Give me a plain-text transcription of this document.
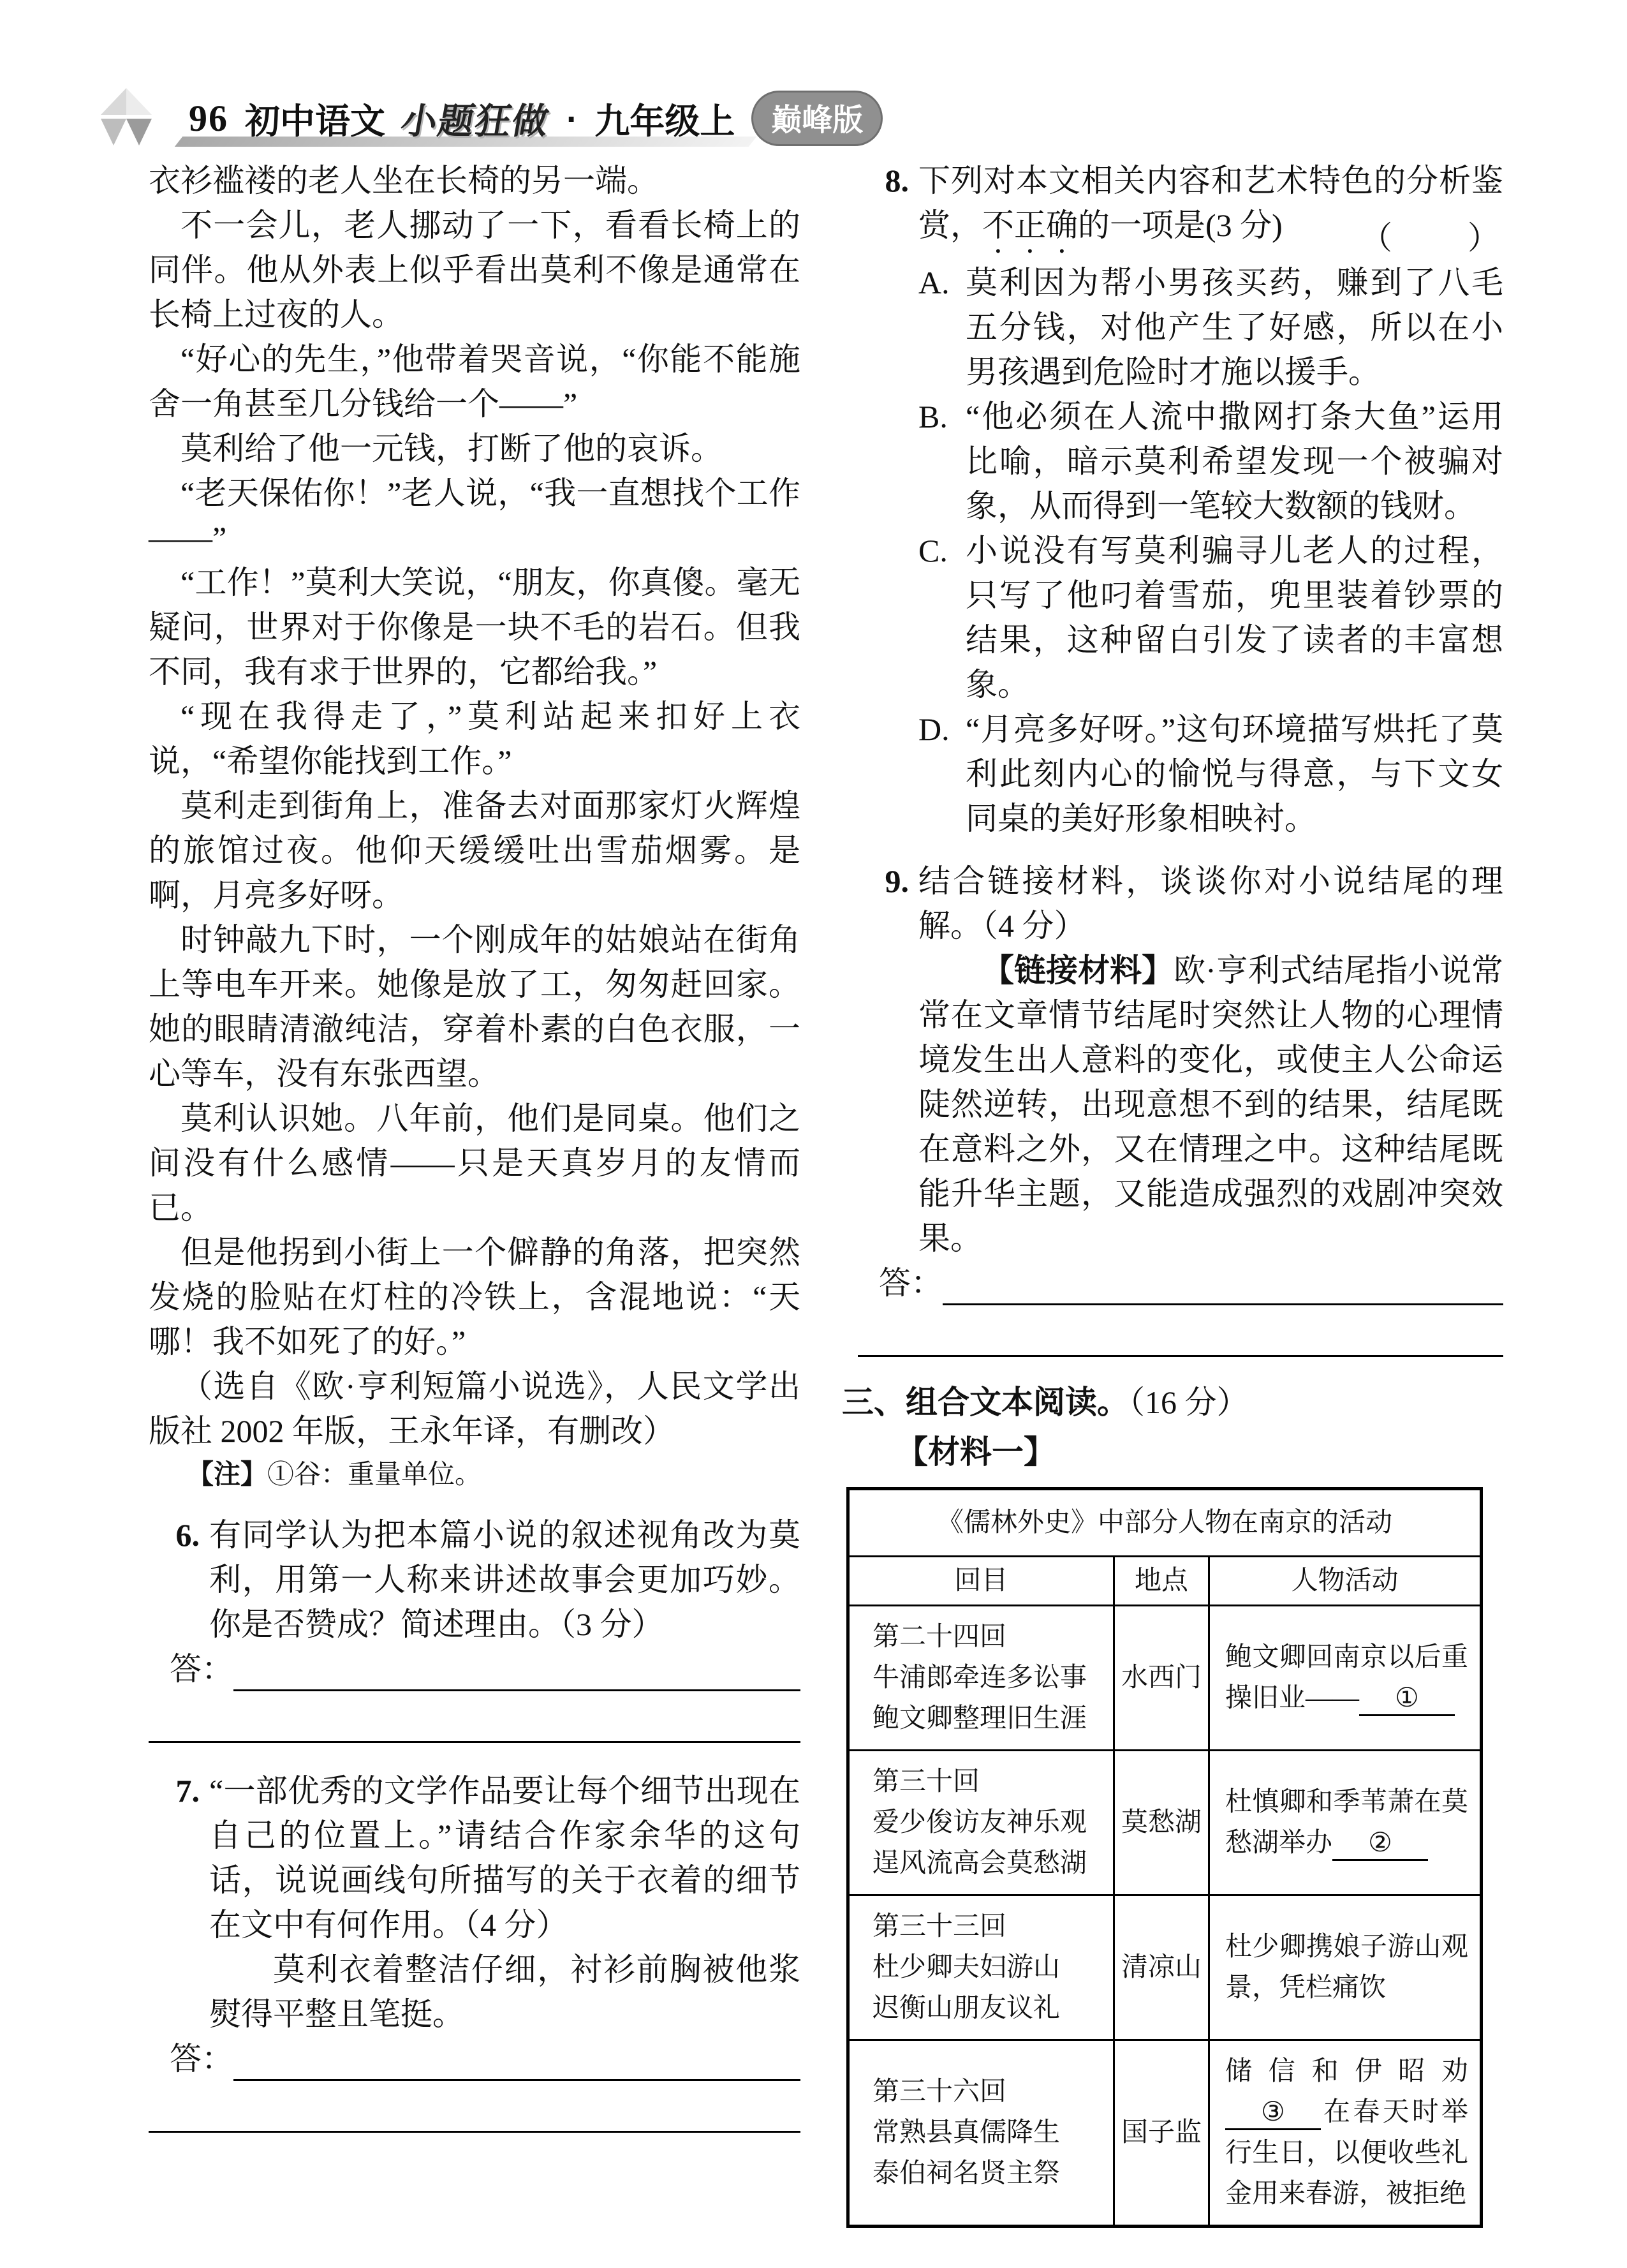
96 初中语文 小题狂做 · 九年级上	巅峰版

衣衫褴褛的老人坐在长椅的另一端。

不一会儿，老人挪动了一下，看看长椅上的同伴。他从外表上似乎看出莫利不像是通常在长椅上过夜的人。

“好心的先生，”他带着哭音说，“你能不能施舍一角甚至几分钱给一个——”

莫利给了他一元钱，打断了他的哀诉。

“老天保佑你！”老人说，“我一直想找个工作——”

“工作！”莫利大笑说，“朋友，你真傻。毫无疑问，世界对于你像是一块不毛的岩石。但我不同，我有求于世界的，它都给我。”

“现在我得走了，”莫利站起来扣好上衣说，“希望你能找到工作。”

莫利走到街角上，准备去对面那家灯火辉煌的旅馆过夜。他仰天缓缓吐出雪茄烟雾。是啊，月亮多好呀。

时钟敲九下时，一个刚成年的姑娘站在街角上等电车开来。她像是放了工，匆匆赶回家。她的眼睛清澈纯洁，穿着朴素的白色衣服，一心等车，没有东张西望。

莫利认识她。八年前，他们是同桌。他们之间没有什么感情——只是天真岁月的友情而已。

但是他拐到小街上一个僻静的角落，把突然发烧的脸贴在灯柱的冷铁上，含混地说：“天哪！我不如死了的好。”

（选自《欧·亨利短篇小说选》，人民文学出版社 2002 年版，王永年译，有删改）

【注】①谷：重量单位。

6. 有同学认为把本篇小说的叙述视角改为莫利，用第一人称来讲述故事会更加巧妙。你是否赞成？简述理由。（3 分）

答：
7. “一部优秀的文学作品要让每个细节出现在自己的位置上。”请结合作家余华的这句话，说说画线句所描写的关于衣着的细节在文中有何作用。（4 分）

莫利衣着整洁仔细，衬衫前胸被他浆熨得平整且笔挺。

答：
8. 下列对本文相关内容和艺术特色的分析鉴赏，不正确的一项是(3 分) （　　）

A. 莫利因为帮小男孩买药，赚到了八毛五分钱，对他产生了好感，所以在小男孩遇到危险时才施以援手。
B. “他必须在人流中撒网打条大鱼”运用比喻，暗示莫利希望发现一个被骗对象，从而得到一笔较大数额的钱财。
C. 小说没有写莫利骗寻儿老人的过程，只写了他叼着雪茄，兜里装着钞票的结果，这种留白引发了读者的丰富想象。
D. “月亮多好呀。”这句环境描写烘托了莫利此刻内心的愉悦与得意，与下文女同桌的美好形象相映衬。
9. 结合链接材料，谈谈你对小说结尾的理解。（4 分）

【链接材料】欧·亨利式结尾指小说常常在文章情节结尾时突然让人物的心理情境发生出人意料的变化，或使主人公命运陡然逆转，出现意想不到的结果，结尾既在意料之外，又在情理之中。这种结尾既能升华主题，又能造成强烈的戏剧冲突效果。

答：
三、组合文本阅读。（16 分）
【材料一】
《儒林外史》中部分人物在南京的活动		
回目	地点	人物活动

第二十四回
牛浦郎牵连多讼事
鲍文卿整理旧生涯	水西门	鲍文卿回南京以后重操旧业—— ①

第三十回
爱少俊访友神乐观
逞风流高会莫愁湖	莫愁湖	杜慎卿和季苇萧在莫愁湖举办 ②

第三十三回
杜少卿夫妇游山
迟衡山朋友议礼	清凉山	杜少卿携娘子游山观景，凭栏痛饮

第三十六回
常熟县真儒降生
泰伯祠名贤主祭	国子监	储信和伊昭劝③ 在春天时举行生日，以便收些礼金用来春游，被拒绝
